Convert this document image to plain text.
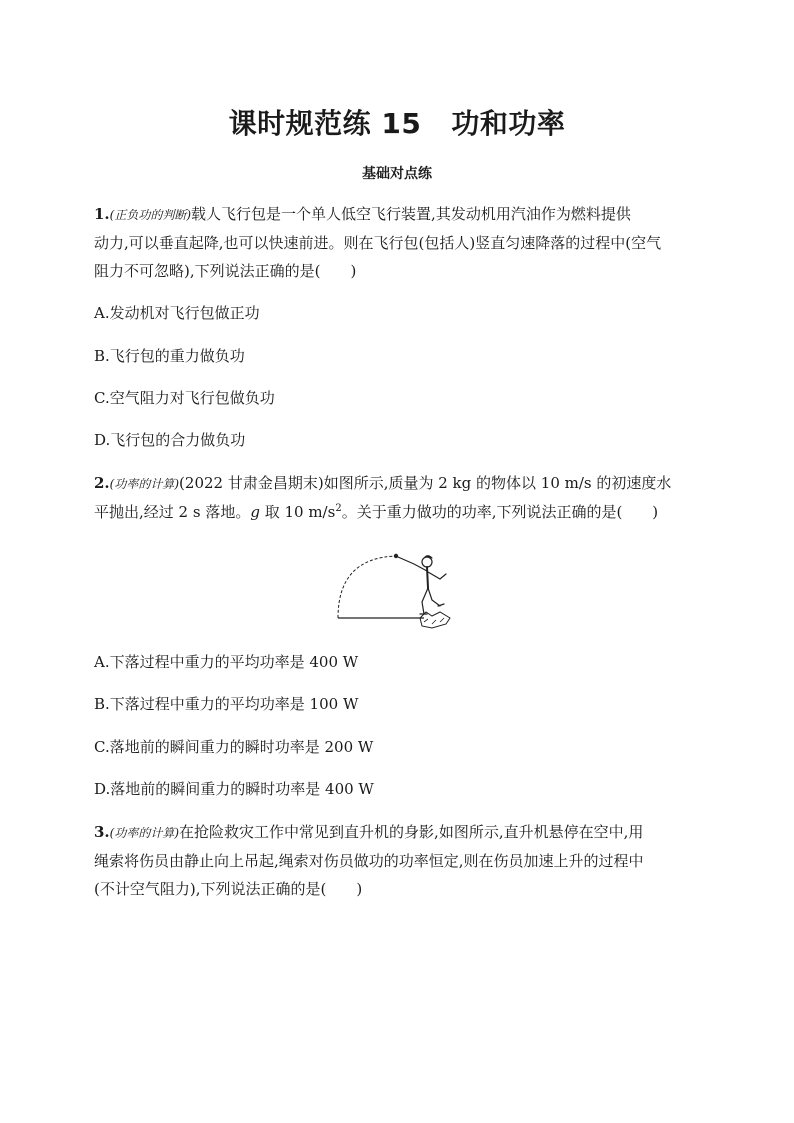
课时规范练 15 功和功率
基础对点练
1.(正负功的判断)载人飞行包是一个单人低空飞行装置,其发动机用汽油作为燃料提供
动力,可以垂直起降,也可以快速前进。则在飞行包(包括人)竖直匀速降落的过程中(空气
阻力不可忽略),下列说法正确的是(　　)
A.发动机对飞行包做正功
B.飞行包的重力做负功
C.空气阻力对飞行包做负功
D.飞行包的合力做负功
2.(功率的计算)(2022 甘肃金昌期末)如图所示,质量为 2 kg 的物体以 10 m/s 的初速度水
平抛出,经过 2 s 落地。g 取 10 $m/s^2$。关于重力做功的功率,下列说法正确的是(　　)
A.下落过程中重力的平均功率是 400 W
B.下落过程中重力的平均功率是 100 W
C.落地前的瞬间重力的瞬时功率是 200 W
D.落地前的瞬间重力的瞬时功率是 400 W
3.(功率的计算)在抢险救灾工作中常见到直升机的身影,如图所示,直升机悬停在空中,用
绳索将伤员由静止向上吊起,绳索对伤员做功的功率恒定,则在伤员加速上升的过程中
(不计空气阻力),下列说法正确的是(　　)
